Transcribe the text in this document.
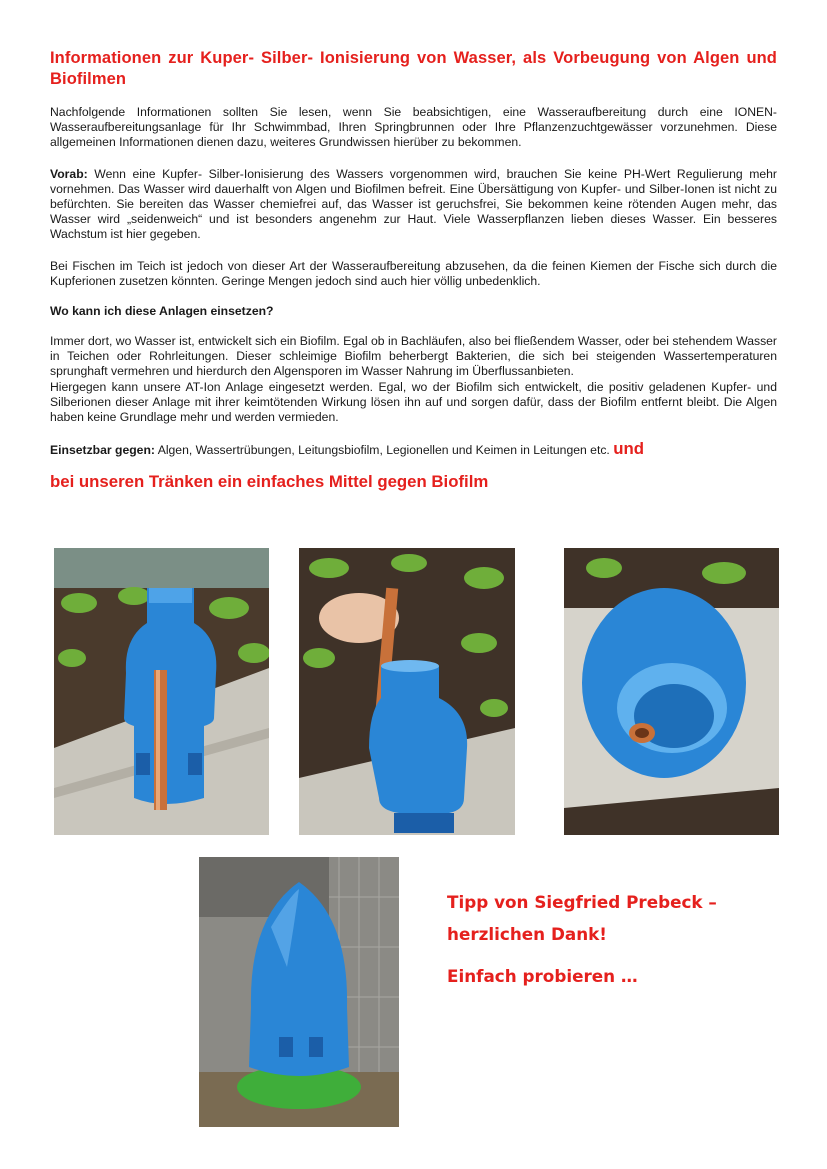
Informationen zur Kuper- Silber- Ionisierung von Wasser, als Vorbeugung von Algen und Biofilmen

Nachfolgende Informationen sollten Sie lesen, wenn Sie beabsichtigen, eine Wasseraufbereitung durch eine IONEN-Wasseraufbereitungsanlage für Ihr Schwimmbad, Ihren Springbrunnen oder Ihre Pflanzenzuchtgewässer vorzunehmen. Diese allgemeinen Informationen dienen dazu, weiteres Grundwissen hierüber zu bekommen.

Vorab: Wenn eine Kupfer- Silber-Ionisierung des Wassers vorgenommen wird, brauchen Sie keine PH-Wert Regulierung mehr vornehmen. Das Wasser wird dauerhalft von Algen und Biofilmen befreit. Eine Übersättigung von Kupfer- und Silber-Ionen ist nicht zu befürchten. Sie bereiten das Wasser chemiefrei auf, das Wasser ist geruchsfrei, Sie bekommen keine rötenden Augen mehr, das Wasser wird „seidenweich“ und ist besonders angenehm zur Haut. Viele Wasserpflanzen lieben dieses Wasser. Ein besseres Wachstum ist hier gegeben.

Bei Fischen im Teich ist jedoch von dieser Art der Wasseraufbereitung abzusehen, da die feinen Kiemen der Fische sich durch die Kupferionen zusetzen könnten. Geringe Mengen jedoch sind auch hier völlig unbedenklich.

Wo kann ich diese Anlagen einsetzen?

Immer dort, wo Wasser ist, entwickelt sich ein Biofilm. Egal ob in Bachläufen, also bei fließendem Wasser, oder bei stehendem Wasser in Teichen oder Rohrleitungen. Dieser schleimige Biofilm beherbergt Bakterien, die sich bei steigenden Wassertemperaturen sprunghaft vermehren und hierdurch den Algensporen im Wasser Nahrung im Überflussanbieten.

Hiergegen kann unsere AT-Ion Anlage eingesetzt werden. Egal, wo der Biofilm sich entwickelt, die positiv geladenen Kupfer- und Silberionen dieser Anlage mit ihrer keimtötenden Wirkung lösen ihn auf und sorgen dafür, dass der Biofilm entfernt bleibt. Die Algen haben keine Grundlage mehr und werden vermieden.

Einsetzbar gegen: Algen, Wassertrübungen, Leitungsbiofilm, Legionellen und Keimen in Leitungen etc. und

bei unseren Tränken ein einfaches Mittel gegen Biofilm

Tipp von Siegfried Prebeck –

herzlichen Dank!

Einfach probieren …
